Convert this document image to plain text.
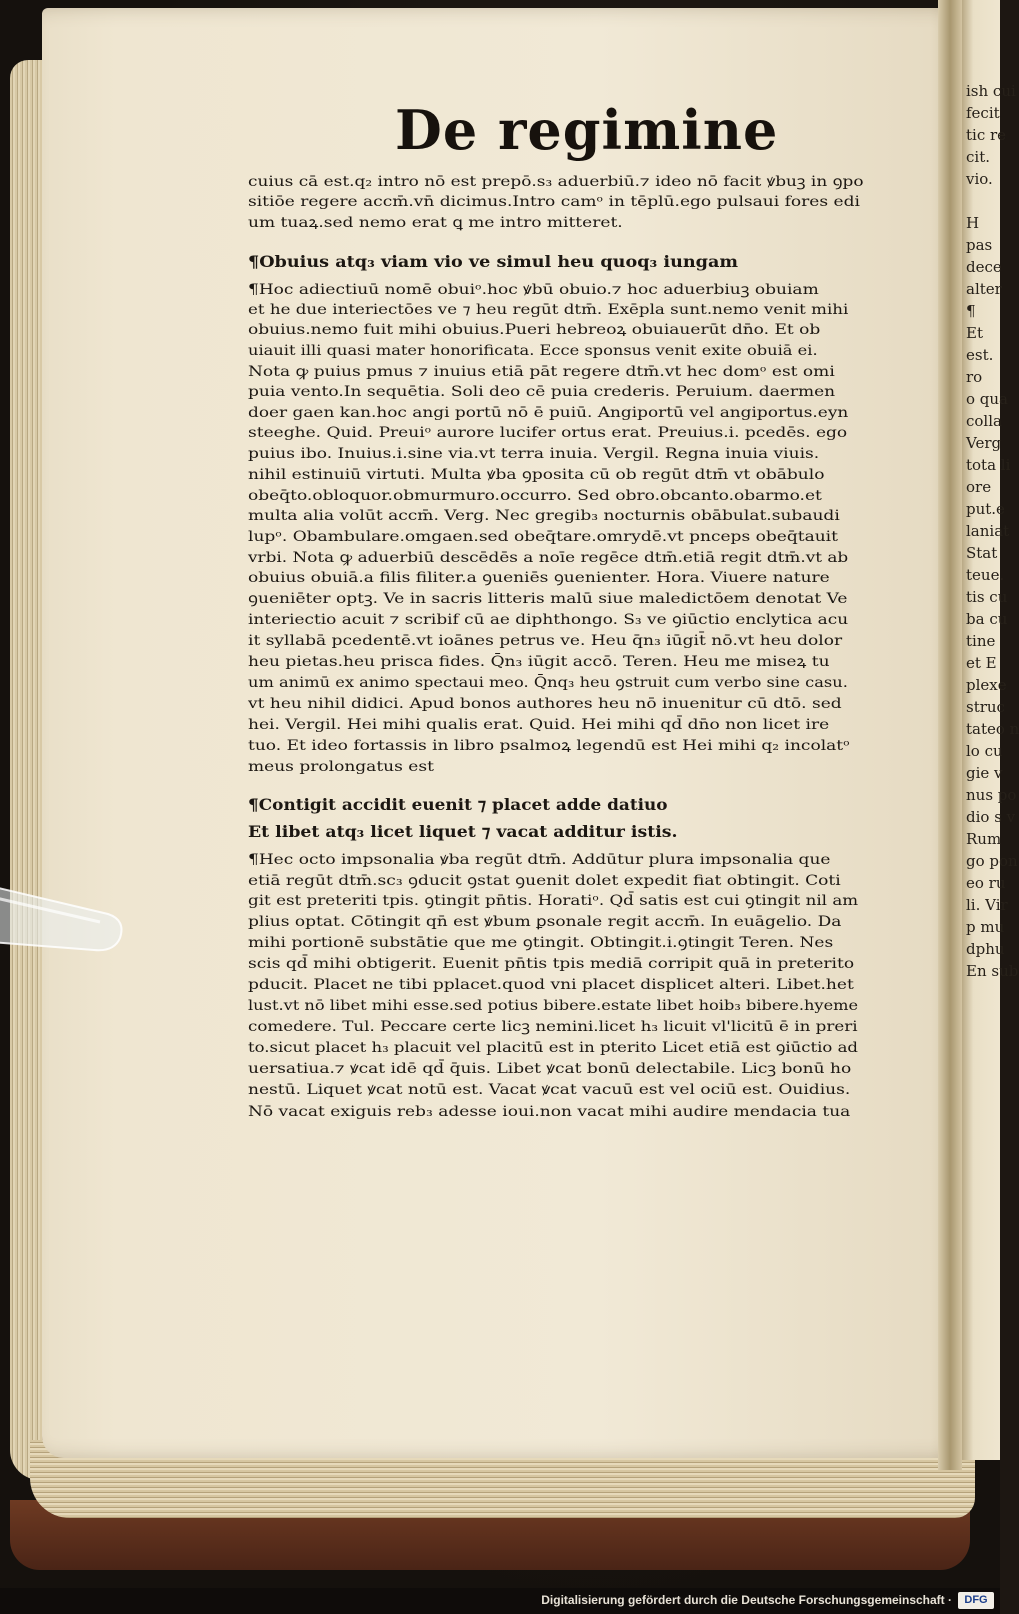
ish cui
fecit
tic re
cit.
vio.

H
pas
dece
alter
¶
Et
est.
ro
o qua
colla
Verg
tota li
ore
put.e
laniat
Stat
teue.
tis cu
ba cu
tine
et E
plexe
struc
tateo n
lo cu
gie v
nus po
dio s v
Rum
go pon
eo ru
li. Vir
p mu
dphu
En sub
De regimine
cuius cā est.q₂ intro nō est prepō.s₃ aduerbiū.⁊ ideo nō facit ꝟbuꝫ in ꝯpo
sitiōe regere accm̄.vn̄ dicimus.Intro camᵒ in tēplū.ego pulsaui fores edi
um tuaꝝ.sed nemo erat ꝗ me intro mitteret.
¶Obuius atq₃ viam vio ve simul heu quoq₃ iungam
¶Hoc adiectiuū nomē obuiᵒ.hoc ꝟbū obuio.⁊ hoc aduerbiuꝫ obuiam
et he due interiectōes ve ⁊ heu regūt dtm̄. Exēpla sunt.nemo venit mihi
obuius.nemo fuit mihi obuius.Pueri hebreoꝝ obuiauerūt dn̄o. Et ob
uiauit illi quasi mater honorificata. Ecce sponsus venit exite obuiā ei.
Nota ꝙ puius pmus ⁊ inuius etiā pāt regere dtm̄.vt hec domᵒ est omi
puia vento.In sequētia. Soli deo cē puia crederis. Peruium. daermen
doer gaen kan.hoc angi portū nō ē puiū. Angiportū vel angiportus.eyn
steeghe. Quid. Preuiᵒ aurore lucifer ortus erat. Preuius.i. pcedēs. ego
puius ibo. Inuius.i.sine via.vt terra inuia. Vergil. Regna inuia viuis.
nihil estinuiū virtuti. Multa ꝟba ꝯposita cū ob regūt dtm̄ vt obābulo
obeq̄to.obloquor.obmurmuro.occurro. Sed obro.obcanto.obarmo.et
multa alia volūt accm̄. Verg. Nec gregib₃ nocturnis obābulat.subaudi
lupᵒ. Obambulare.omgaen.sed obeq̄tare.omrydē.vt pnceps obeq̄tauit
vrbi. Nota ꝙ aduerbiū descēdēs a noīe regēce dtm̄.etiā regit dtm̄.vt ab
obuius obuiā.a filis filiter.a ꝯueniēs ꝯuenienter. Hora. Viuere nature
ꝯueniēter optꝫ. Ve in sacris litteris malū siue maledictōem denotat Ve
interiectio acuit ⁊ scribif cū ae diphthongo. S₃ ve ꝯiūctio enclytica acu
it syllabā pcedentē.vt ioānes petrus ve. Heu q̄n₃ iūgit̄ nō.vt heu dolor
heu pietas.heu prisca fides. Q̄n₃ iūgit accō. Teren. Heu me miseꝝ tu
um animū ex animo spectaui meo. Q̄nq₃ heu ꝯstruit cum verbo sine casu.
vt heu nihil didici. Apud bonos authores heu nō inuenitur cū dtō. sed
hei. Vergil. Hei mihi qualis erat. Quid. Hei mihi qd̄ dn̄o non licet ire
tuo. Et ideo fortassis in libro psalmoꝝ legendū est Hei mihi q₂ incolatᵒ
meus prolongatus est
¶Contigit accidit euenit ⁊ placet adde datiuo
Et libet atq₃ licet liquet ⁊ vacat additur istis.
¶Hec octo impsonalia ꝟba regūt dtm̄. Addūtur plura impsonalia que
etiā regūt dtm̄.sc₃ ꝯducit ꝯstat ꝯuenit dolet expedit fiat obtingit. Coti
git est preteriti tpis. ꝯtingit pn̄tis. Horatiᵒ. Qd̄ satis est cui ꝯtingit nil am
plius optat. Cōtingit qn̄ est ꝟbum ꝑsonale regit accm̄. In euāgelio. Da
mihi portionē substātie que me ꝯtingit. Obtingit.i.ꝯtingit Teren. Nes
scis qd̄ mihi obtigerit. Euenit pn̄tis tpis mediā corripit quā in preterito
pducit. Placet ne tibi pplacet.quod vni placet displicet alteri. Libet.het
lust.vt nō libet mihi esse.sed potius bibere.estate libet hoib₃ bibere.hyeme
comedere. Tul. Peccare certe licꝫ nemini.licet h₃ licuit vl'licitū ē in preri
to.sicut placet h₃ placuit vel placitū est in pterito Licet etiā est ꝯiūctio ad
uersatiua.⁊ ꝟcat idē qd̄ q̄uis. Libet ꝟcat bonū delectabile. Licꝫ bonū ho
nestū. Liquet ꝟcat notū est. Vacat ꝟcat vacuū est vel ociū est. Ouidius.
Nō vacat exiguis reb₃ adesse ioui.non vacat mihi audire mendacia tua
Digitalisierung gefördert durch die Deutsche Forschungsgemeinschaft ·	DFG
